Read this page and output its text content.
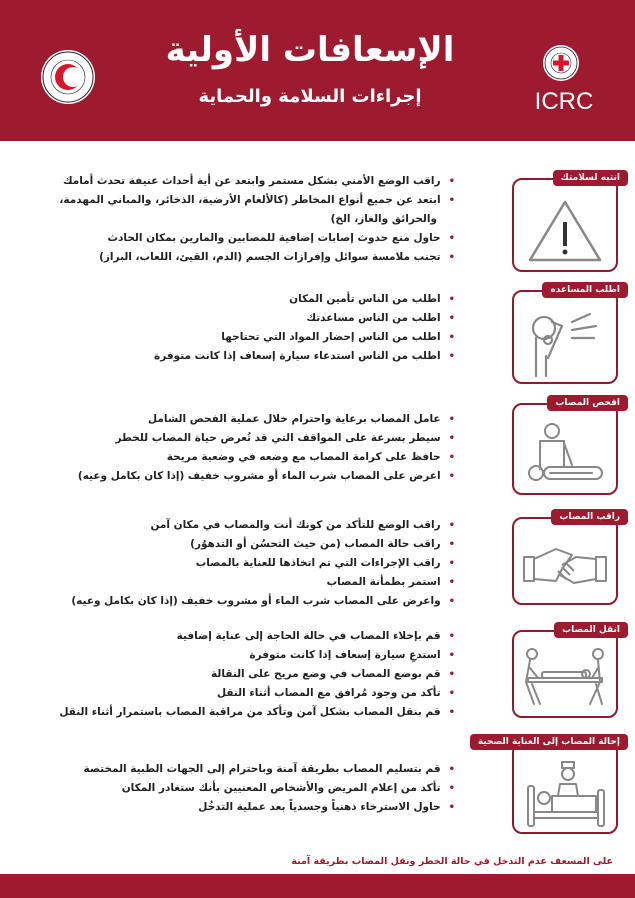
الإسعافات الأولية
إجراءات السلامة والحماية	ICRC
انتبه لسلامتك
• راقب الوضع الأمني بشكل مستمر وابتعد عن أية أحداث عنيفة تحدث أمامك
• ابتعد عن جميع أنواع المخاطر (كالألغام الأرضية، الذخائر، والمباني المهدمة،
والحرائق والغاز، الخ)
• حاول منع حدوث إصابات إضافية للمصابين والمارين بمكان الحادث
• تجنب ملامسة سوائل وإفرازات الجسم (الدم، القيئ، اللعاب، البراز)
اطلب المساعده
• اطلب من الناس تأمين المكان
• اطلب من الناس مساعدتك
• اطلب من الناس إحضار المواد التي تحتاجها
• اطلب من الناس استدعاء سيارة إسعاف إذا كانت متوفرة
افحص المصاب
• عامل المصاب برعاية واحترام خلال عملية الفحص الشامل
• سيطر بسرعة على المواقف التي قد تُعرض حياة المصاب للخطر
• حافظ على كرامة المصاب مع وضعه في وضعية مريحة
• اعرض على المصاب شرب الماء أو مشروب خفيف (إذا كان بكامل وعيه)
راقب المصاب
• راقب الوضع للتأكد من كونك أنت والمصاب في مكان آمن
• راقب حالة المصاب (من حيث التحسُن أو التدهوُر)
• راقب الإجراءات التي تم اتخاذها للعناية بالمصاب
• استمر بطمأنة المصاب
• واعرض على المصاب شرب الماء أو مشروب خفيف (إذا كان بكامل وعيه)
انقل المصاب
• قم بإخلاء المصاب في حالة الحاجة إلى عناية إضافية
• استدعِ سيارة إسعاف إذا كانت متوفرة
• قم بوضع المصاب في وضع مريح على النقالة
• تأكد من وجود مُرافق مع المصاب أثناء النقل
• قم بنقل المصاب بشكل آمن وتأكد من مراقبة المصاب باستمرار أثناء النقل
إحالة المصاب إلى العناية الصحية
• قم بتسليم المصاب بطريقة آمنة وباحترام إلى الجهات الطبية المختصة
• تأكد من إعلام المريض والأشخاص المعنيين بأنك ستغادر المكان
• حاول الاسترخاء ذهنياً وجسدياً بعد عملية التدخُل
على المسعف عدم التدخل في حالة الخطر ونقل المصاب بطريقة آمنة
